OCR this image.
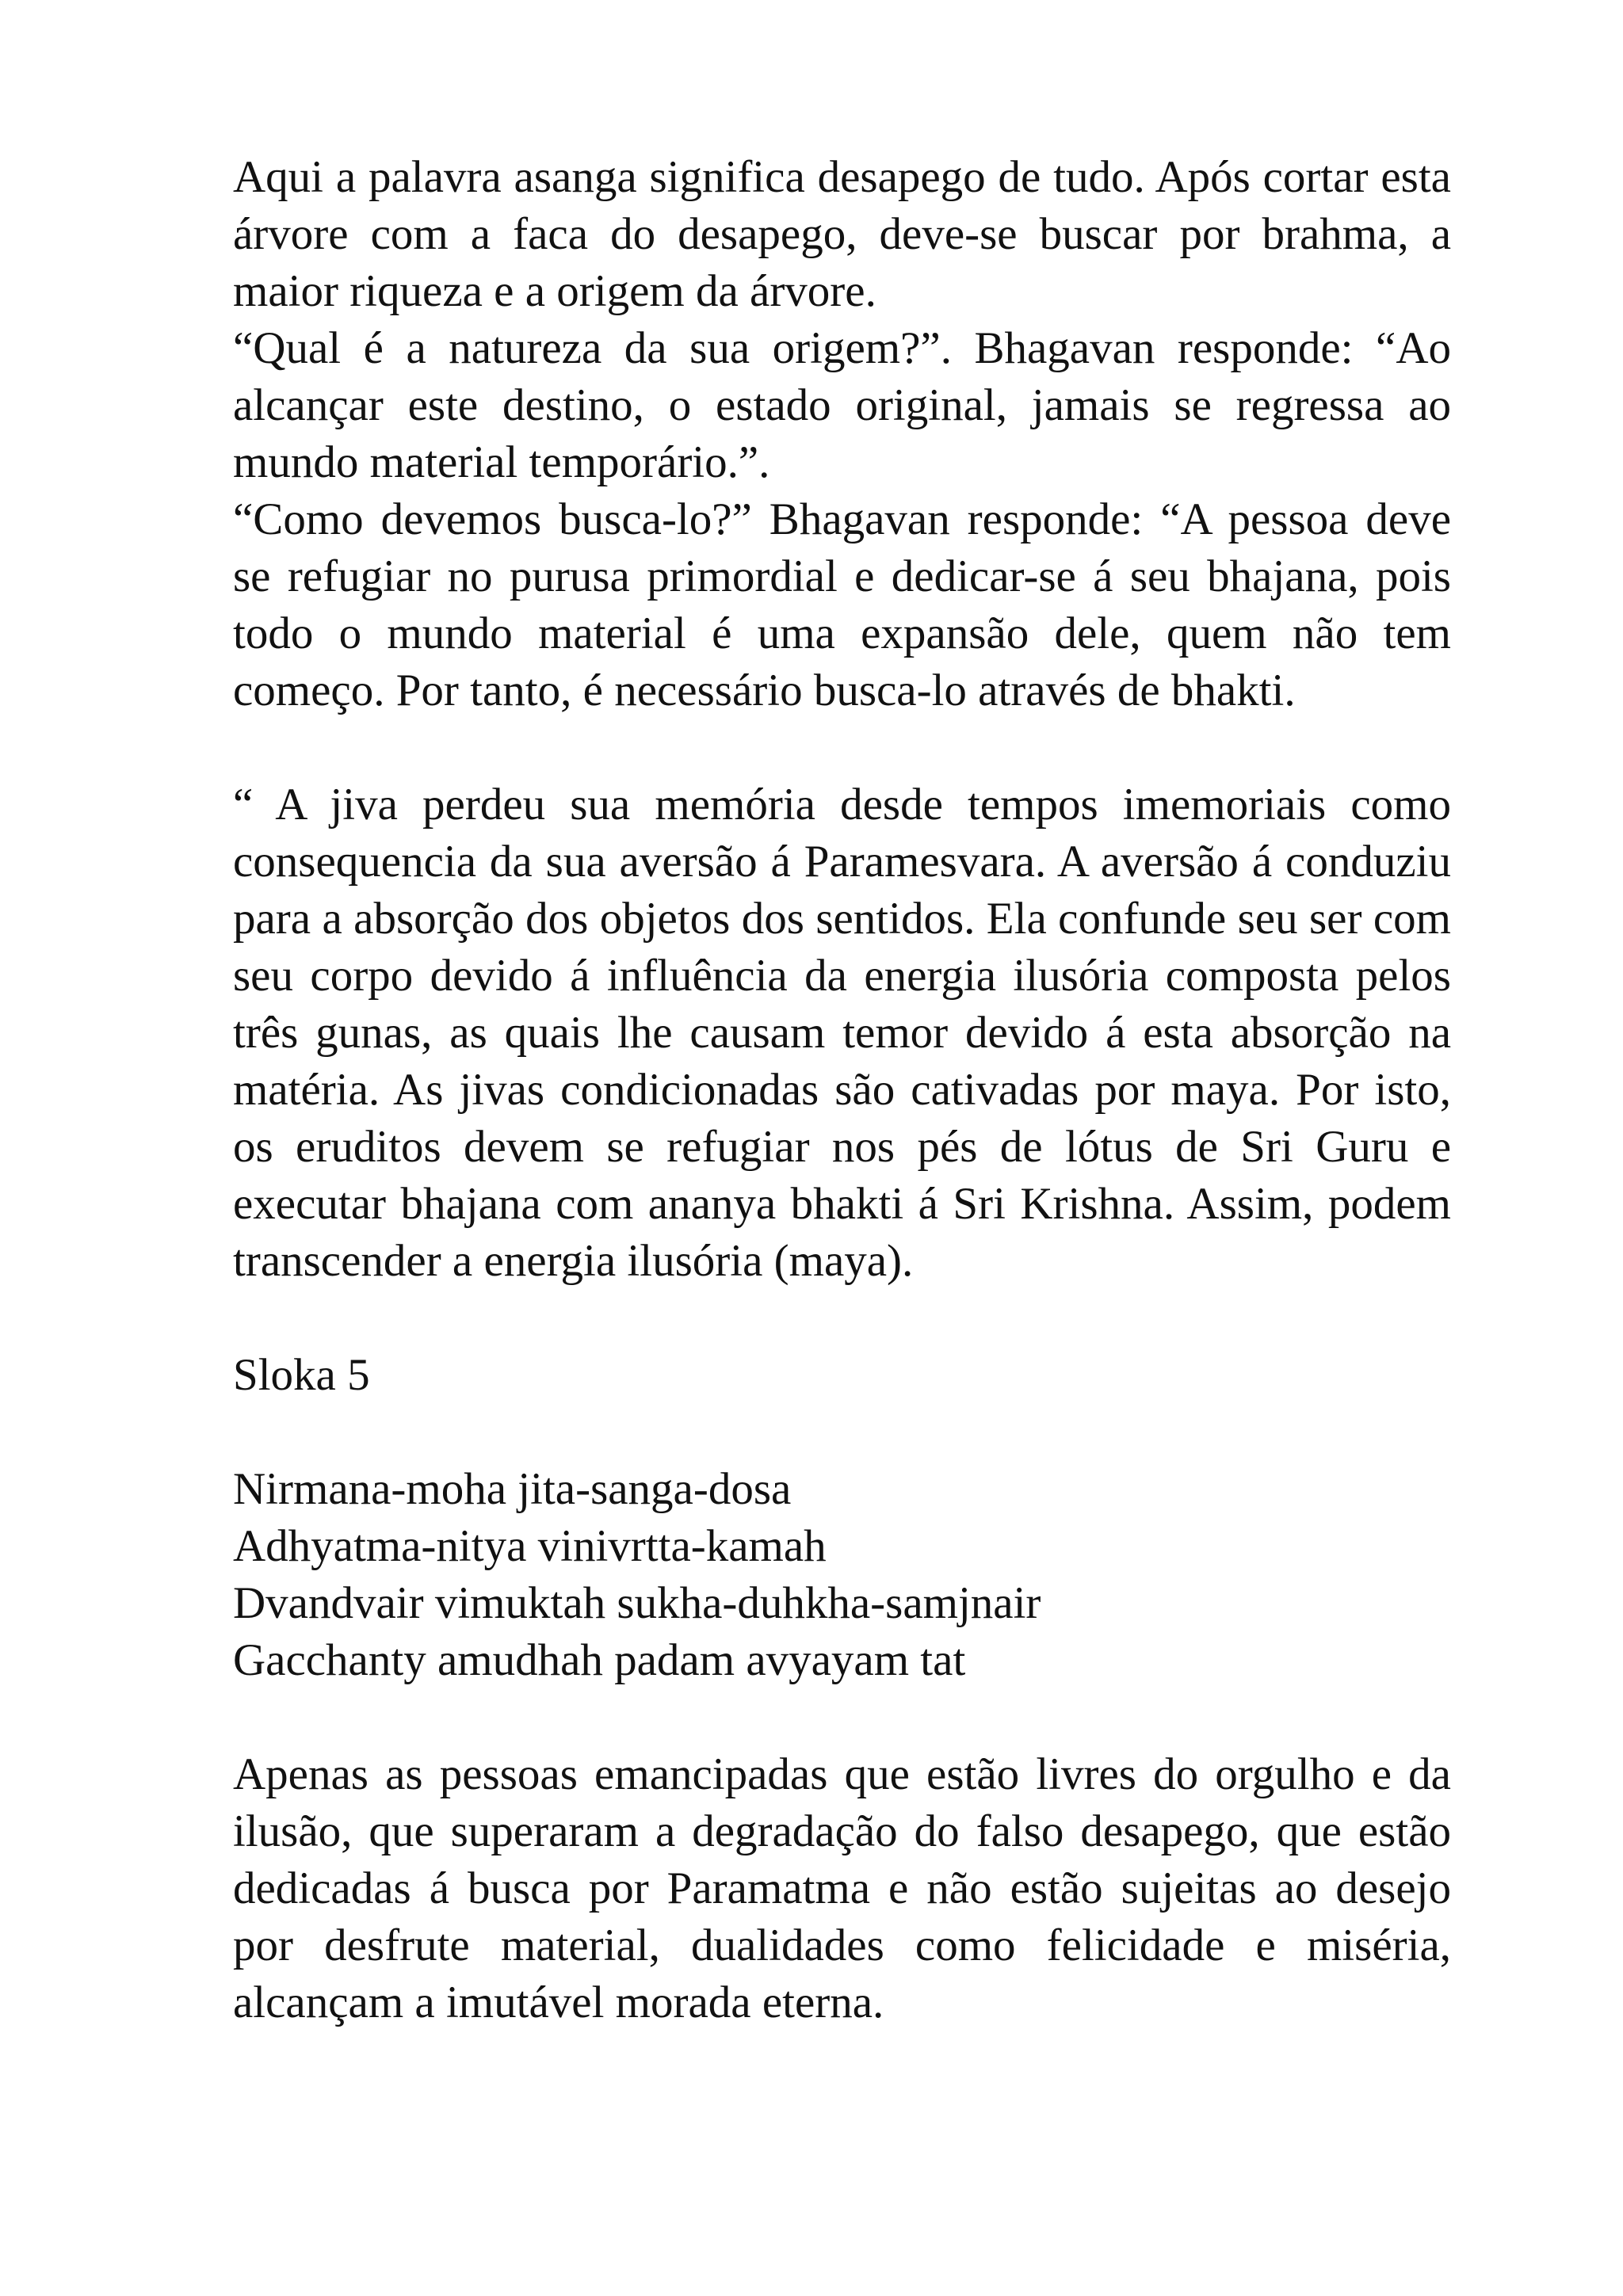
Aqui a palavra asanga significa desapego de tudo. Após cortar esta árvore com a faca do desapego, deve-se buscar por brahma, a maior riqueza e a origem da árvore.

“Qual é a natureza da sua origem?”. Bhagavan responde: “Ao alcançar este destino, o estado original, jamais se regressa ao mundo material temporário.”.

“Como devemos busca-lo?” Bhagavan responde: “A pessoa deve se refugiar no purusa primordial e dedicar-se á seu bhajana, pois todo o mundo material é uma expansão dele, quem não tem começo. Por tanto, é necessário busca-lo através de bhakti.

“ A jiva perdeu sua memória desde tempos imemoriais como consequencia da sua aversão á Paramesvara. A aversão á conduziu para a absorção dos objetos dos sentidos. Ela confunde seu ser com seu corpo devido á influência da energia ilusória composta pelos três gunas, as quais lhe causam temor devido á esta absorção na matéria. As jivas condicionadas são cativadas por maya. Por isto, os eruditos devem se refugiar nos pés de lótus de Sri Guru e executar bhajana com ananya bhakti á Sri Krishna. Assim, podem transcender a energia ilusória (maya).

Sloka 5

Nirmana-moha jita-sanga-dosa
Adhyatma-nitya vinivrtta-kamah
Dvandvair vimuktah sukha-duhkha-samjnair
Gacchanty amudhah padam avyayam tat

Apenas as pessoas emancipadas que estão livres do orgulho e da ilusão, que superaram a degradação do falso desapego, que estão dedicadas á busca por Paramatma e não estão sujeitas ao desejo por desfrute material, dualidades como felicidade e miséria, alcançam a imutável morada eterna.
